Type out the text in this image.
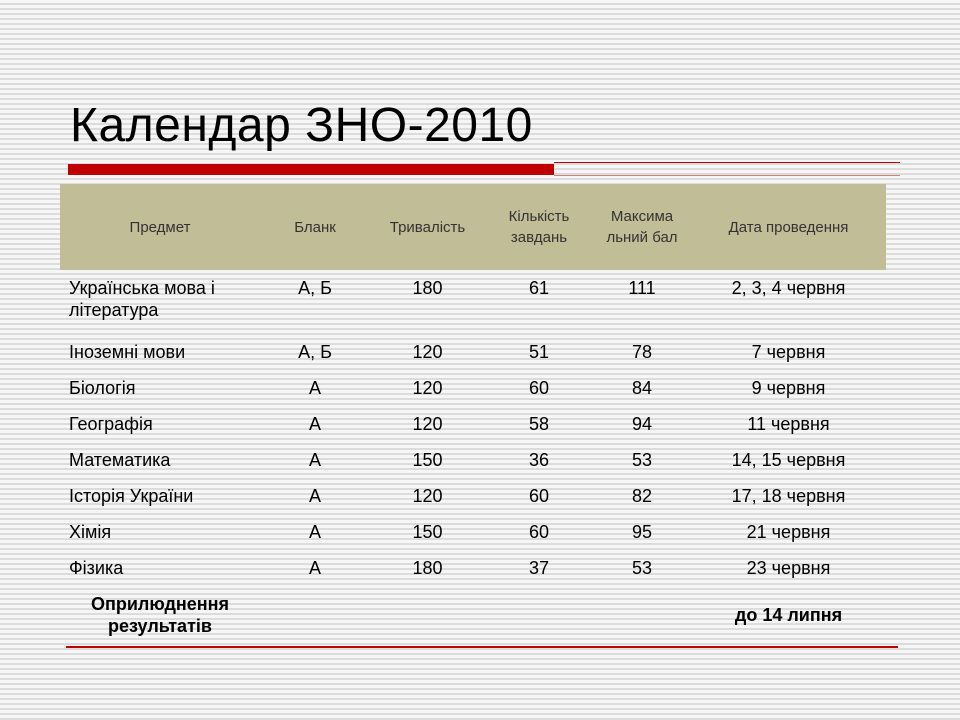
Календар ЗНО-2010
Предмет	Бланк	Тривалість	Кількість завдань	Максима льний бал	Дата проведення
Українська мова і література	А, Б	180	61	111	2, 3, 4 червня
Іноземні мови	А, Б	120	51	78	7 червня
Біологія	А	120	60	84	9 червня
Географія	А	120	58	94	11 червня
Математика	А	150	36	53	14, 15 червня
Історія України	А	120	60	82	17, 18 червня
Хімія	А	150	60	95	21 червня
Фізика	А	180	37	53	23 червня
Оприлюднення результатів					до 14 липня
